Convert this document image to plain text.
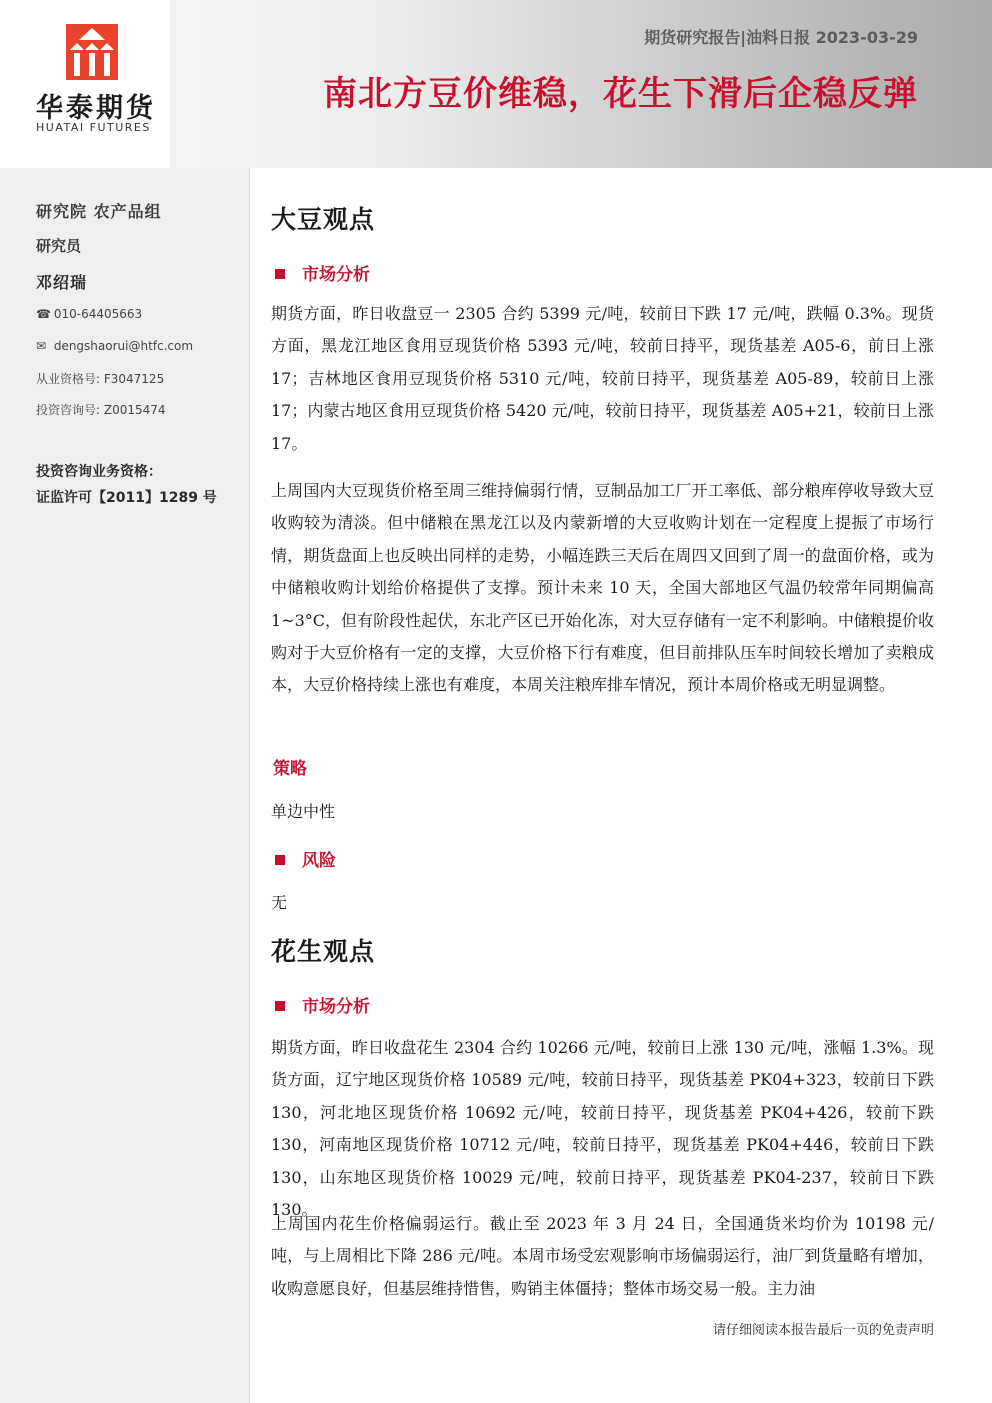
华泰期货
HUATAI FUTURES
期货研究报告|油料日报 2023-03-29
南北方豆价维稳，花生下滑后企稳反弹
研究院 农产品组
研究员
邓绍瑞
☎ 010-64405663
✉ dengshaorui@htfc.com
从业资格号: F3047125
投资咨询号: Z0015474
投资咨询业务资格：
证监许可【2011】1289 号
大豆观点
市场分析
期货方面，昨日收盘豆一 2305 合约 5399 元/吨，较前日下跌 17 元/吨，跌幅 0.3%。现货方面，黑龙江地区食用豆现货价格 5393 元/吨，较前日持平，现货基差 A05-6，前日上涨 17；吉林地区食用豆现货价格 5310 元/吨，较前日持平，现货基差 A05-89，较前日上涨 17；内蒙古地区食用豆现货价格 5420 元/吨，较前日持平，现货基差 A05+21，较前日上涨 17。
上周国内大豆现货价格至周三维持偏弱行情，豆制品加工厂开工率低、部分粮库停收导致大豆收购较为清淡。但中储粮在黑龙江以及内蒙新增的大豆收购计划在一定程度上提振了市场行情，期货盘面上也反映出同样的走势，小幅连跌三天后在周四又回到了周一的盘面价格，或为中储粮收购计划给价格提供了支撑。预计未来 10 天，全国大部地区气温仍较常年同期偏高 1~3°C，但有阶段性起伏，东北产区已开始化冻，对大豆存储有一定不利影响。中储粮提价收购对于大豆价格有一定的支撑，大豆价格下行有难度，但目前排队压车时间较长增加了卖粮成本，大豆价格持续上涨也有难度，本周关注粮库排车情况，预计本周价格或无明显调整。
策略
单边中性
风险
无
花生观点
市场分析
期货方面，昨日收盘花生 2304 合约 10266 元/吨，较前日上涨 130 元/吨，涨幅 1.3%。现货方面，辽宁地区现货价格 10589 元/吨，较前日持平，现货基差 PK04+323，较前日下跌 130，河北地区现货价格 10692 元/吨，较前日持平，现货基差 PK04+426，较前下跌 130，河南地区现货价格 10712 元/吨，较前日持平，现货基差 PK04+446，较前日下跌 130，山东地区现货价格 10029 元/吨，较前日持平，现货基差 PK04-237，较前日下跌 130。
上周国内花生价格偏弱运行。截止至 2023 年 3 月 24 日，全国通货米均价为 10198 元/吨，与上周相比下降 286 元/吨。本周市场受宏观影响市场偏弱运行，油厂到货量略有增加，收购意愿良好，但基层维持惜售，购销主体僵持；整体市场交易一般。主力油
请仔细阅读本报告最后一页的免责声明
